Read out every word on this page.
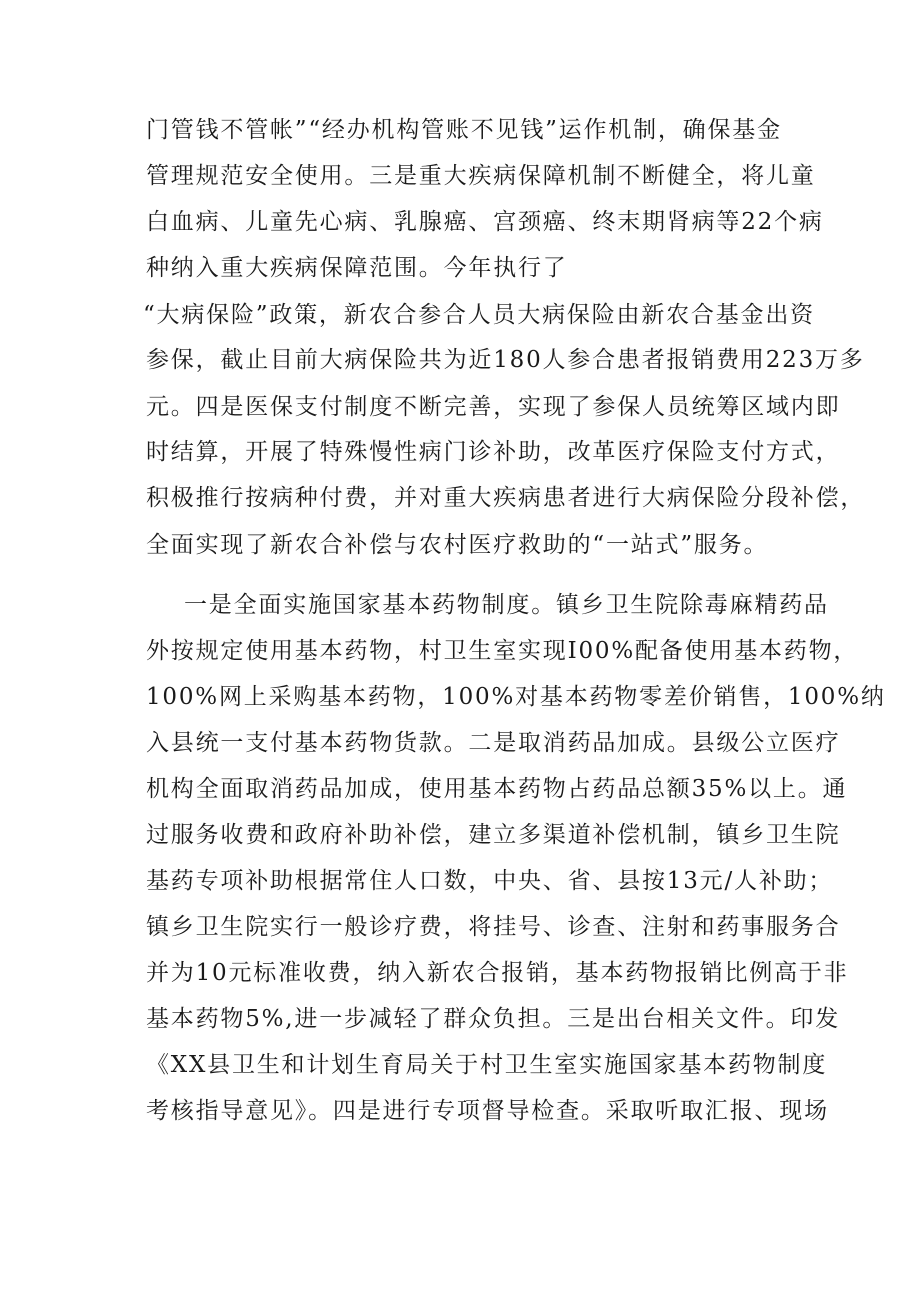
门管钱不管帐”“经办机构管账不见钱”运作机制，确保基金
管理规范安全使用。三是重大疾病保障机制不断健全，将儿童
白血病、儿童先心病、乳腺癌、宫颈癌、终末期肾病等22个病
种纳入重大疾病保障范围。今年执行了
“大病保险”政策，新农合参合人员大病保险由新农合基金出资
参保，截止目前大病保险共为近180人参合患者报销费用223万多
元。四是医保支付制度不断完善，实现了参保人员统筹区域内即
时结算，开展了特殊慢性病门诊补助，改革医疗保险支付方式，
积极推行按病种付费，并对重大疾病患者进行大病保险分段补偿，
全面实现了新农合补偿与农村医疗救助的“一站式”服务。
一是全面实施国家基本药物制度。镇乡卫生院除毒麻精药品
外按规定使用基本药物，村卫生室实现I00%配备使用基本药物，
100%网上采购基本药物，100%对基本药物零差价销售，100%纳
入县统一支付基本药物货款。二是取消药品加成。县级公立医疗
机构全面取消药品加成，使用基本药物占药品总额35%以上。通
过服务收费和政府补助补偿，建立多渠道补偿机制，镇乡卫生院
基药专项补助根据常住人口数，中央、省、县按13元/人补助；
镇乡卫生院实行一般诊疗费，将挂号、诊查、注射和药事服务合
并为10元标准收费，纳入新农合报销，基本药物报销比例高于非
基本药物5%,进一步减轻了群众负担。三是出台相关文件。印发
《XX县卫生和计划生育局关于村卫生室实施国家基本药物制度
考核指导意见》。四是进行专项督导检查。采取听取汇报、现场
